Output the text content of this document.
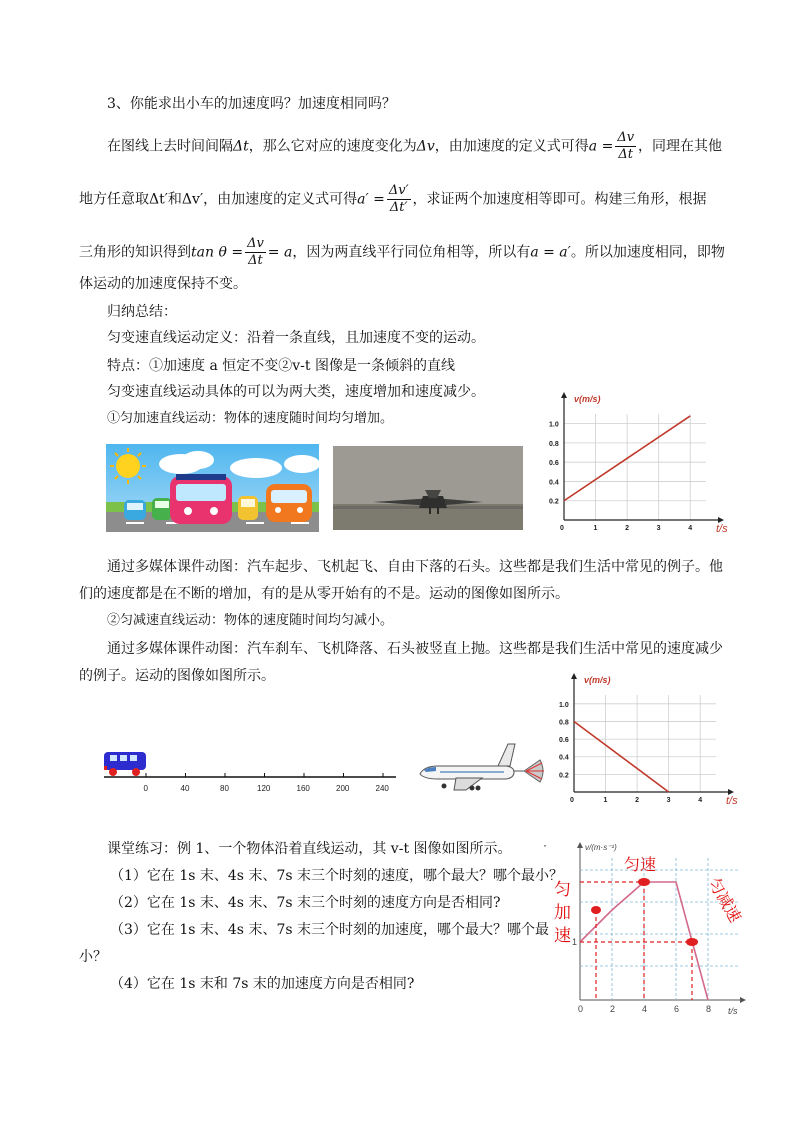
3、你能求出小车的加速度吗？加速度相同吗？
在图线上去时间间隔Δt，那么它对应的速度变化为Δv，由加速度的定义式可得$a = \frac{\Delta v}{\Delta t}$ ，同理在其他
地方任意取Δt′和Δv′，由加速度的定义式可得$a' = \frac{\Delta v'}{\Delta t'}$ ，求证两个加速度相等即可。构建三角形，根据
三角形的知识得到$\tan \theta = \frac{\Delta v}{\Delta t} = a$，因为两直线平行同位角相等，所以有a = a′。所以加速度相同，即物
体运动的加速度保持不变。
归纳总结：
匀变速直线运动定义：沿着一条直线，且加速度不变的运动。
特点：①加速度 a 恒定不变②v-t 图像是一条倾斜的直线
匀变速直线运动具体的可以为两大类，速度增加和速度减少。
①匀加速直线运动：物体的速度随时间均匀增加。
0.2
0.4
0.6
0.8
1.0
1	2	3	4
0
v(m/s)
t/s
通过多媒体课件动图：汽车起步、飞机起飞、自由下落的石头。这些都是我们生活中常见的例子。他
们的速度都是在不断的增加，有的是从零开始有的不是。运动的图像如图所示。
②匀减速直线运动：物体的速度随时间均匀减小。
通过多媒体课件动图：汽车刹车、飞机降落、石头被竖直上抛。这些都是我们生活中常见的速度减少
的例子。运动的图像如图所示。
0	40	80	120	160	200	240
0.2
0.4
0.6
0.8
1.0
1	2	3	4
0
v(m/s)
t/s
课堂练习：例 1、一个物体沿着直线运动，其 v-t 图像如图所示。
（1）它在 1s 末、4s 末、7s 末三个时刻的速度，哪个最大？哪个最小？
（2）它在 1s 末、4s 末、7s 末三个时刻的速度方向是否相同?
（3）它在 1s 末、4s 末、7s 末三个时刻的加速度，哪个最大？哪个最
小？
（4）它在 1s 末和 7s 末的加速度方向是否相同?
·	v/(m·s⁻¹)
t/s
0	2	4	6	8
1
匀速
匀
加
速
匀减速
